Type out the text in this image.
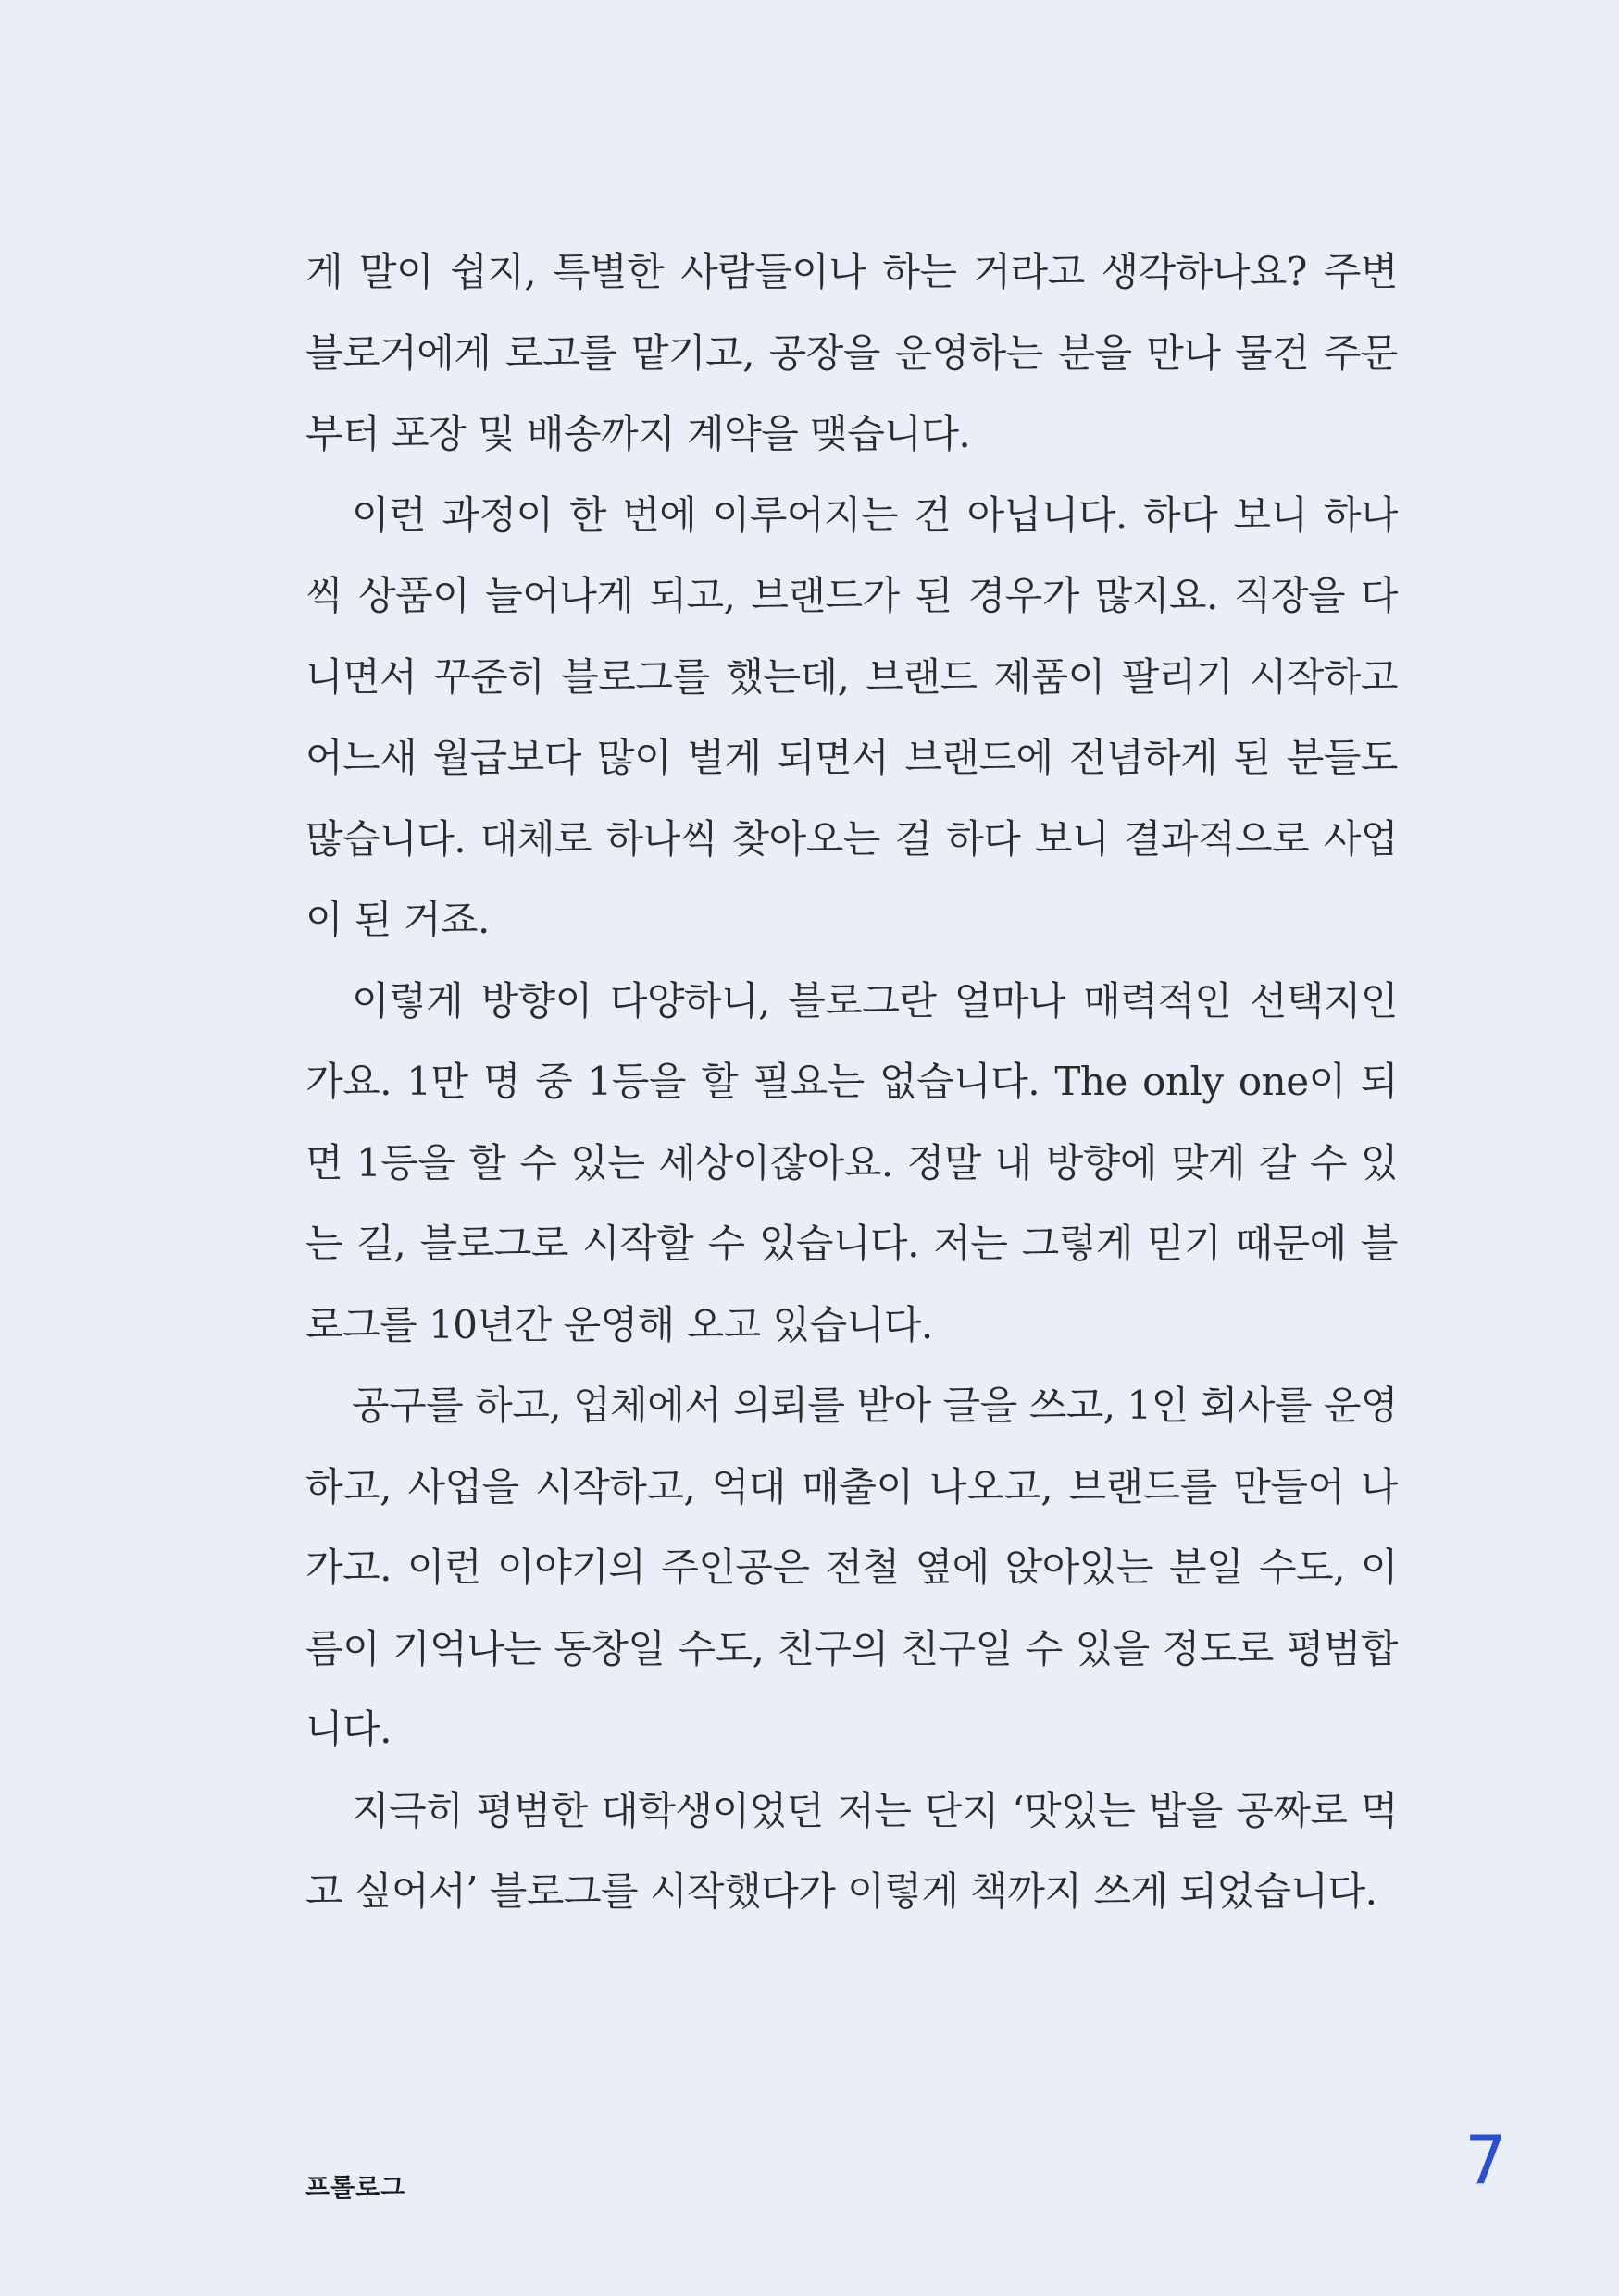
게 말이 쉽지, 특별한 사람들이나 하는 거라고 생각하나요? 주변 블로거에게 로고를 맡기고, 공장을 운영하는 분을 만나 물건 주문부터 포장 및 배송까지 계약을 맺습니다.

이런 과정이 한 번에 이루어지는 건 아닙니다. 하다 보니 하나씩 상품이 늘어나게 되고, 브랜드가 된 경우가 많지요. 직장을 다니면서 꾸준히 블로그를 했는데, 브랜드 제품이 팔리기 시작하고 어느새 월급보다 많이 벌게 되면서 브랜드에 전념하게 된 분들도 많습니다. 대체로 하나씩 찾아오는 걸 하다 보니 결과적으로 사업이 된 거죠.

이렇게 방향이 다양하니, 블로그란 얼마나 매력적인 선택지인가요. 1만 명 중 1등을 할 필요는 없습니다. The only one이 되면 1등을 할 수 있는 세상이잖아요. 정말 내 방향에 맞게 갈 수 있는 길, 블로그로 시작할 수 있습니다. 저는 그렇게 믿기 때문에 블로그를 10년간 운영해 오고 있습니다.

공구를 하고, 업체에서 의뢰를 받아 글을 쓰고, 1인 회사를 운영하고, 사업을 시작하고, 억대 매출이 나오고, 브랜드를 만들어 나가고. 이런 이야기의 주인공은 전철 옆에 앉아있는 분일 수도, 이름이 기억나는 동창일 수도, 친구의 친구일 수 있을 정도로 평범합니다.

지극히 평범한 대학생이었던 저는 단지 ‘맛있는 밥을 공짜로 먹고 싶어서’ 블로그를 시작했다가 이렇게 책까지 쓰게 되었습니다.

프롤로그	7
